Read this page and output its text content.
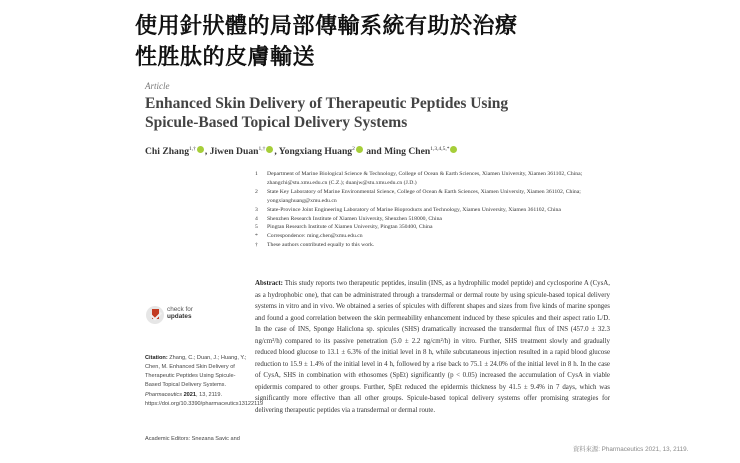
使用針狀體的局部傳輸系統有助於治療
性胜肽的皮膚輸送
Article
Enhanced Skin Delivery of Therapeutic Peptides Using
Spicule-Based Topical Delivery Systems
Chi Zhang$^{1,\dagger}$ , Jiwen Duan$^{1,\dagger}$ , Yongxiang Huang$^2$ and Ming Chen$^{1,3,4,5,*}$
1 Department of Marine Biological Science & Technology, College of Ocean & Earth Sciences, Xiamen University, Xiamen 361102, China; zhangchi@stu.xmu.edu.cn (C.Z.); duanjw@stu.xmu.edu.cn (J.D.)
2 State Key Laboratory of Marine Environmental Science, College of Ocean & Earth Sciences, Xiamen University, Xiamen 361102, China; yongxianghuang@xmu.edu.cn
3 State-Province Joint Engineering Laboratory of Marine Bioproducts and Technology, Xiamen University, Xiamen 361102, China
4 Shenzhen Research Institute of Xiamen University, Shenzhen 518000, China
5 Pingtan Research Institute of Xiamen University, Pingtan 350400, China
* Correspondence: ming.chen@xmu.edu.cn
† These authors contributed equally to this work.
Abstract: This study reports two therapeutic peptides, insulin (INS, as a hydrophilic model peptide) and cyclosporine A (CysA, as a hydrophobic one), that can be administrated through a transdermal or dermal route by using spicule-based topical delivery systems in vitro and in vivo. We obtained a series of spicules with different shapes and sizes from five kinds of marine sponges and found a good correlation between the skin permeability enhancement induced by these spicules and their aspect ratio L/D. In the case of INS, Sponge Haliclona sp. spicules (SHS) dramatically increased the transdermal flux of INS (457.0 ± 32.3 ng/cm²/h) compared to its passive penetration (5.0 ± 2.2 ng/cm²/h) in vitro. Further, SHS treatment slowly and gradually reduced blood glucose to 13.1 ± 6.3% of the initial level in 8 h, while subcutaneous injection resulted in a rapid blood glucose reduction to 15.9 ± 1.4% of the initial level in 4 h, followed by a rise back to 75.1 ± 24.0% of the initial level in 8 h. In the case of CysA, SHS in combination with ethosomes (SpEt) significantly (p < 0.05) increased the accumulation of CysA in viable epidermis compared to other groups. Further, SpEt reduced the epidermis thickness by 41.5 ± 9.4% in 7 days, which was significantly more effective than all other groups. Spicule-based topical delivery systems offer promising strategies for delivering therapeutic peptides via a transdermal or dermal route.
check for
updates
Citation: Zhang, C.; Duan, J.; Huang, Y.; Chen, M. Enhanced Skin Delivery of Therapeutic Peptides Using Spicule-Based Topical Delivery Systems. Pharmaceutics 2021, 13, 2119. https://doi.org/10.3390/pharmaceutics13122119
Academic Editors: Snezana Savic and
資料來源: Pharmaceutics 2021, 13, 2119.
